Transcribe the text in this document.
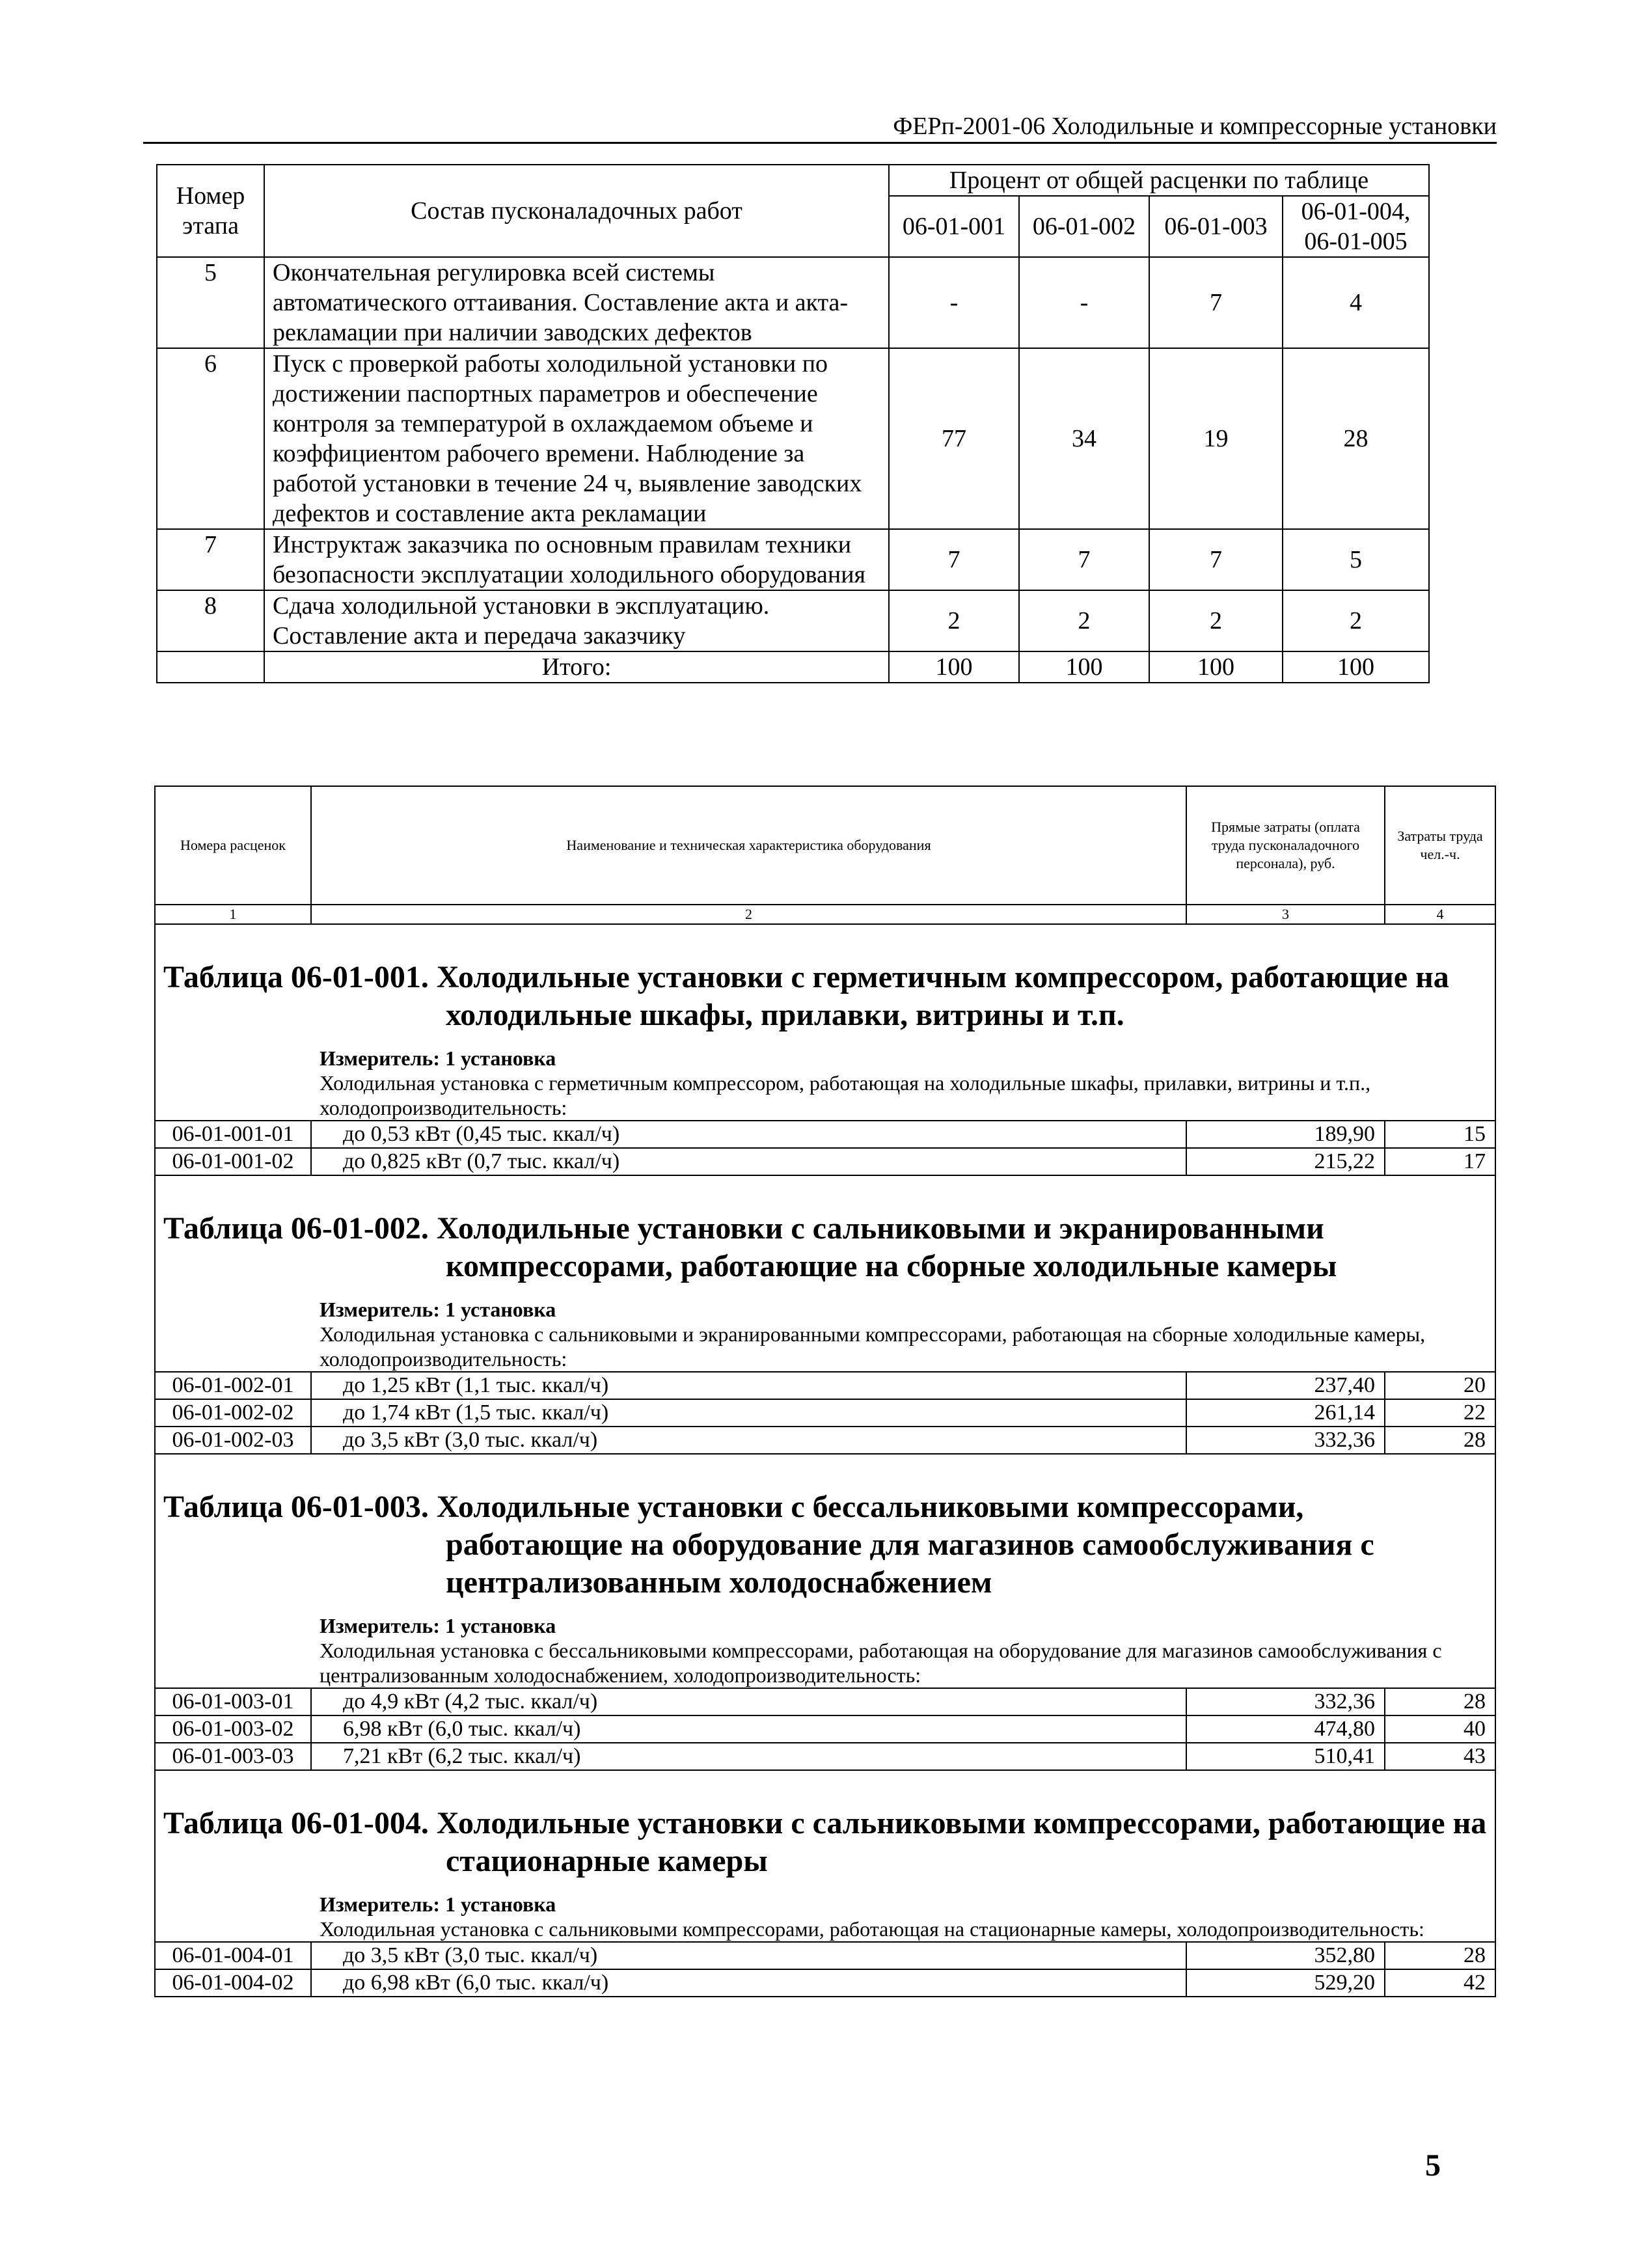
ФЕРп-2001-06 Холодильные и компрессорные установки
Номер этапа	Состав пусконаладочных работ	Процент от общей расценки по таблице			
		06-01-001	06-01-002	06-01-003	06-01-004, 06-01-005
5	Окончательная регулировка всей системы автоматического оттаивания. Составление акта и акта-рекламации при наличии заводских дефектов	-	-	7	4
6	Пуск с проверкой работы холодильной установки по достижении паспортных параметров и обеспечение контроля за температурой в охлаждаемом объеме и коэффициентом рабочего времени. Наблюдение за работой установки в течение 24 ч, выявление заводских дефектов и составление акта рекламации	77	34	19	28
7	Инструктаж заказчика по основным правилам техники безопасности эксплуатации холодильного оборудования	7	7	7	5
8	Сдача холодильной установки в эксплуатацию. Составление акта и передача заказчику	2	2	2	2
	Итого:	100	100	100	100
Номера расценок	Наименование и техническая характеристика оборудования	Прямые затраты (оплата труда пусконаладочного персонала), руб.	Затраты труда чел.-ч.
1	2	3	4

Таблица 06-01-001. Холодильные установки с герметичным компрессором, работающие на холодильные шкафы, прилавки, витрины и т.п.			

Измеритель: 1 установка			
Холодильная установка с герметичным компрессором, работающая на холодильные шкафы, прилавки, витрины и т.п., холодопроизводительность:			
06-01-001-01	до 0,53 кВт (0,45 тыс. ккал/ч)	189,90	15
06-01-001-02	до 0,825 кВт (0,7 тыс. ккал/ч)	215,22	17

Таблица 06-01-002. Холодильные установки с сальниковыми и экранированными компрессорами, работающие на сборные холодильные камеры			

Измеритель: 1 установка			
Холодильная установка с сальниковыми и экранированными компрессорами, работающая на сборные холодильные камеры, холодопроизводительность:			
06-01-002-01	до 1,25 кВт (1,1 тыс. ккал/ч)	237,40	20
06-01-002-02	до 1,74 кВт (1,5 тыс. ккал/ч)	261,14	22
06-01-002-03	до 3,5 кВт (3,0 тыс. ккал/ч)	332,36	28

Таблица 06-01-003. Холодильные установки с бессальниковыми компрессорами, работающие на оборудование для магазинов самообслуживания с централизованным холодоснабжением			

Измеритель: 1 установка			
Холодильная установка с бессальниковыми компрессорами, работающая на оборудование для магазинов самообслуживания с централизованным холодоснабжением, холодопроизводительность:			
06-01-003-01	до 4,9 кВт (4,2 тыс. ккал/ч)	332,36	28
06-01-003-02	6,98 кВт (6,0 тыс. ккал/ч)	474,80	40
06-01-003-03	7,21 кВт (6,2 тыс. ккал/ч)	510,41	43

Таблица 06-01-004. Холодильные установки с сальниковыми компрессорами, работающие на стационарные камеры			

Измеритель: 1 установка			
Холодильная установка с сальниковыми компрессорами, работающая на стационарные камеры, холодопроизводительность:			
06-01-004-01	до 3,5 кВт (3,0 тыс. ккал/ч)	352,80	28
06-01-004-02	до 6,98 кВт (6,0 тыс. ккал/ч)	529,20	42
5
